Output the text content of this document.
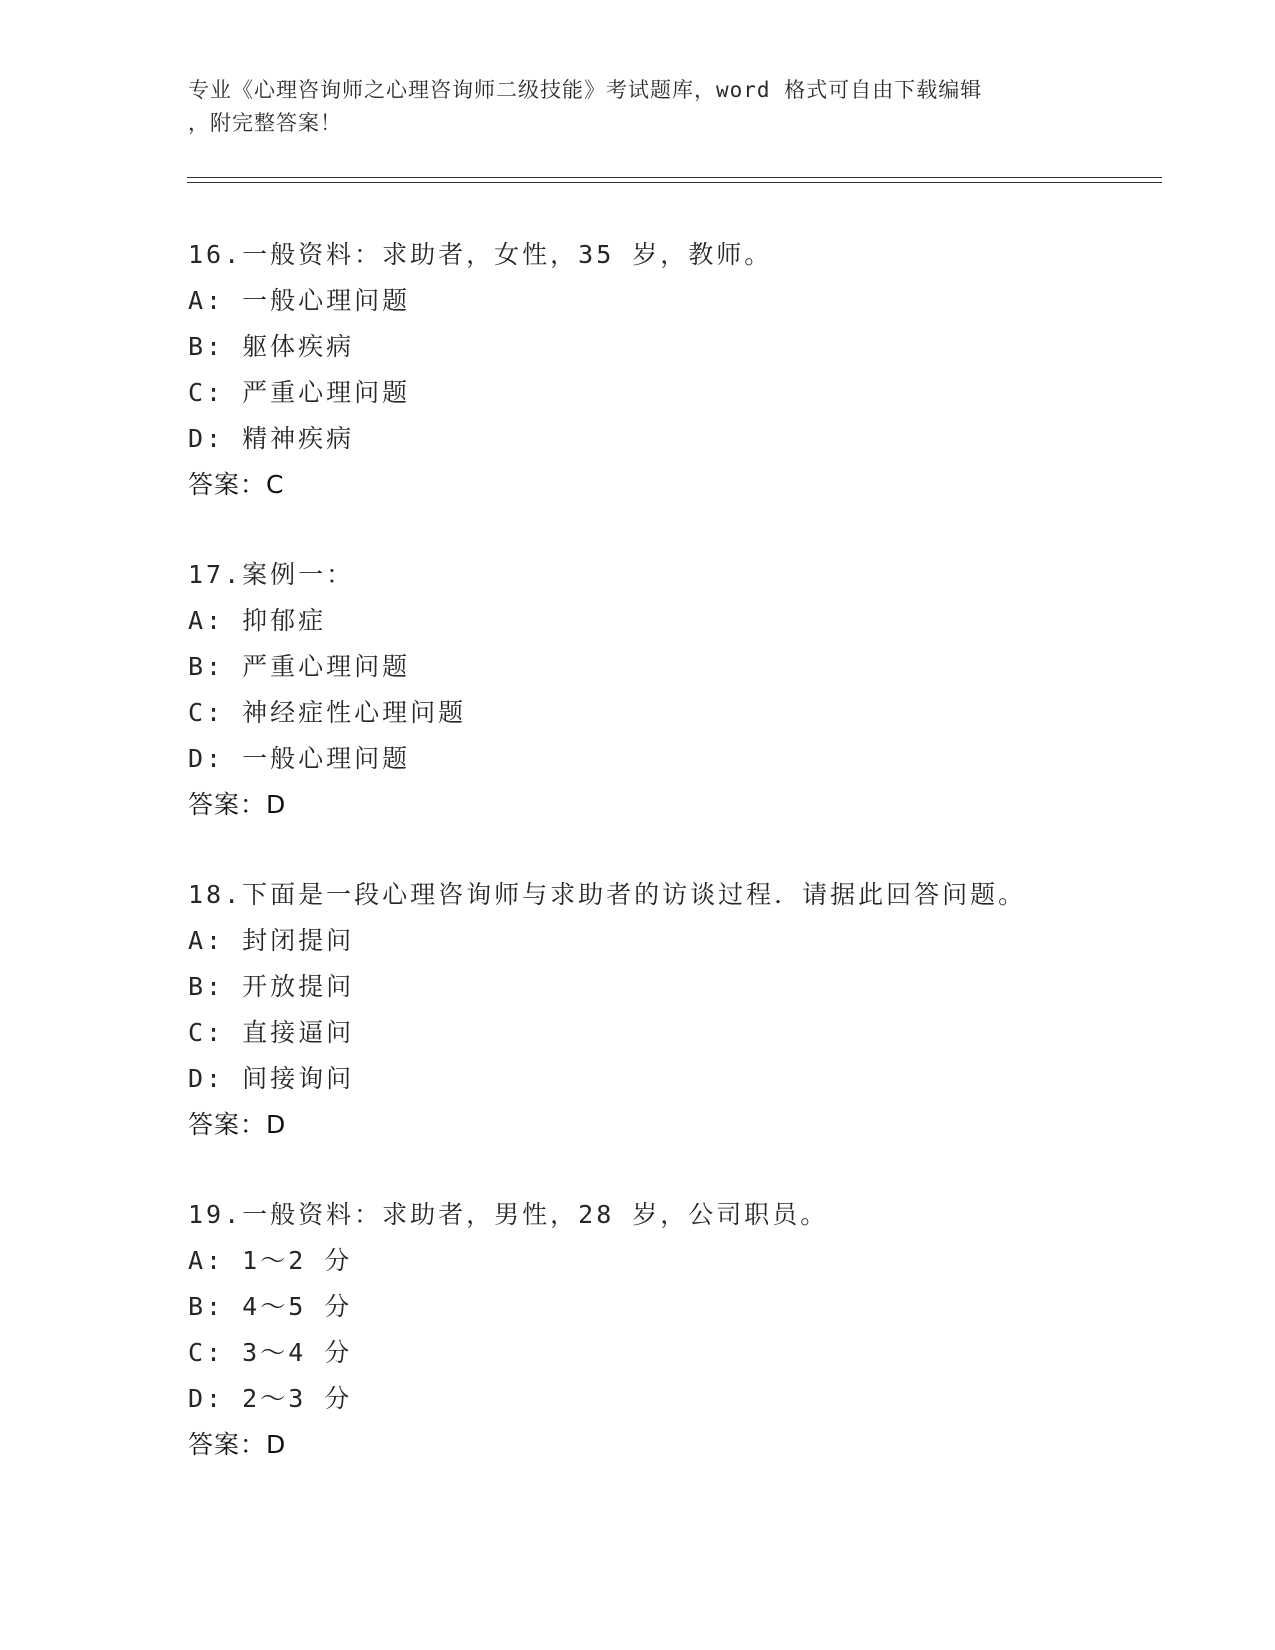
专业《心理咨询师之心理咨询师二级技能》考试题库，word 格式可自由下载编辑
，附完整答案！
16.一般资料：求助者，女性，35 岁，教师。
A: 一般心理问题
B: 躯体疾病
C: 严重心理问题
D: 精神疾病
答案：C
17.案例一：
A: 抑郁症
B: 严重心理问题
C: 神经症性心理问题
D: 一般心理问题
答案：D
18.下面是一段心理咨询师与求助者的访谈过程．请据此回答问题。
A: 封闭提问
B: 开放提问
C: 直接逼问
D: 间接询问
答案：D
19.一般资料：求助者，男性，28 岁，公司职员。
A: 1～2 分
B: 4～5 分
C: 3～4 分
D: 2～3 分
答案：D
